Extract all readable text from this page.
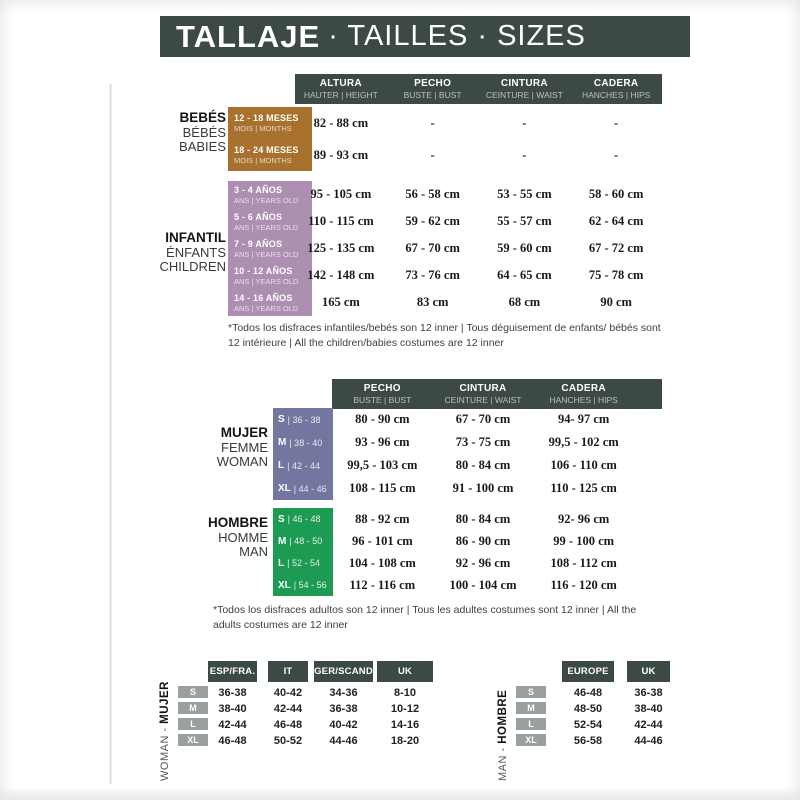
TALLAJE · TAILLES · SIZES
ALTURA
HAUTER | HEIGHT
PECHO
BUSTE | BUST
CINTURA
CEINTURE | WAIST
CADERA
HANCHES | HIPS
BEBÉS
BÉBÉS
BABIES
12 - 18 MESES
MOIS | MONTHS
18 - 24 MESES
MOIS | MONTHS
82 - 88 cm	-	-	-
89 - 93 cm	-	-	-
INFANTIL
ÉNFANTS
CHILDREN
3 - 4 AÑOS
ANS | YEARS OLD
5 - 6 AÑOS
ANS | YEARS OLD
7 - 9 AÑOS
ANS | YEARS OLD
10 - 12 AÑOS
ANS | YEARS OLD
14 - 16 AÑOS
ANS | YEARS OLD
95 - 105 cm	56 - 58 cm	53 - 55 cm	58 - 60 cm
110 - 115 cm	59 - 62 cm	55 - 57 cm	62 - 64 cm
125 - 135 cm 67 - 70 cm	59 - 60 cm	67 - 72 cm
142 - 148 cm 73 - 76 cm	64 - 65 cm	75 - 78 cm
165 cm	83 cm	68 cm	90 cm
*Todos los disfraces infantiles/bebés son 12 inner | Tous déguisement de enfants/ bébés sont 12 intérieure | All the children/babies costumes are 12 inner
PECHO
BUSTE | BUST
CINTURA
CEINTURE | WAIST
CADERA
HANCHES | HIPS
MUJER
FEMME
WOMAN
S | 36 - 38
M | 38 - 40
L | 42 - 44
XL | 44 - 46
80 - 90 cm	67 - 70 cm	94- 97 cm
93 - 96 cm	73 - 75 cm	99,5 - 102 cm
99,5 - 103 cm	80 - 84 cm	106 - 110 cm
108 - 115 cm	91 - 100 cm	110 - 125 cm
HOMBRE
HOMME
MAN
S | 46 - 48
M | 48 - 50
L | 52 - 54
XL | 54 - 56
88 - 92 cm	80 - 84 cm	92- 96 cm
96 - 101 cm	86 - 90 cm	99 - 100 cm
104 - 108 cm	92 - 96 cm	108 - 112 cm
112 - 116 cm	100 - 104 cm	116 - 120 cm
*Todos los disfraces adultos son 12 inner | Tous les adultes costumes sont 12 inner | All the adults costumes are 12 inner
WOMAN - MUJER
ESP/FRA.	IT	GER/SCAND	UK
S	36-38	40-42	34-36	8-10
M	38-40	42-44	36-38	10-12
L	42-44	46-48	40-42	14-16
XL	46-48	50-52	44-46	18-20
MAN - HOMBRE
EUROPE	UK
S	46-48	36-38
M	48-50	38-40
L	52-54	42-44
XL	56-58	44-46
